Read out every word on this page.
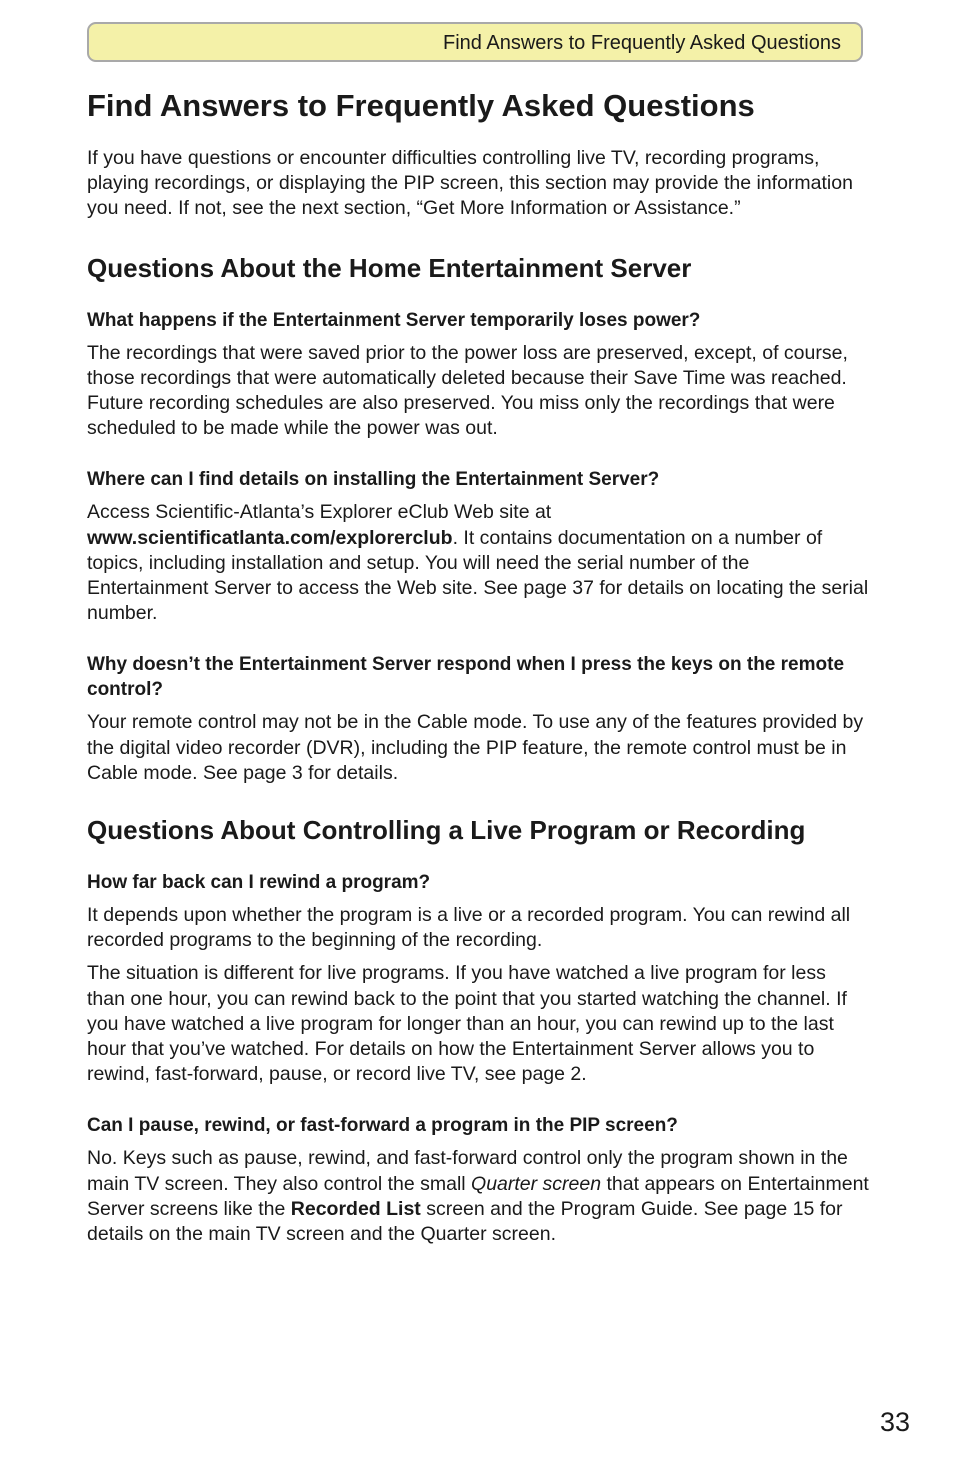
Find Answers to Frequently Asked Questions
Find Answers to Frequently Asked Questions

If you have questions or encounter difficulties controlling live TV, recording programs, playing recordings, or displaying the PIP screen, this section may provide the information you need. If not, see the next section, “Get More Information or Assistance.”

Questions About the Home Entertainment Server
What happens if the Entertainment Server temporarily loses power?

The recordings that were saved prior to the power loss are preserved, except, of course, those recordings that were automatically deleted because their Save Time was reached. Future recording schedules are also preserved. You miss only the recordings that were scheduled to be made while the power was out.

Where can I find details on installing the Entertainment Server?

Access Scientific-Atlanta’s Explorer eClub Web site at www.scientificatlanta.com/explorerclub. It contains documentation on a number of topics, including installation and setup. You will need the serial number of the Entertainment Server to access the Web site. See page 37 for details on locating the serial number.

Why doesn’t the Entertainment Server respond when I press the keys on the remote control?

Your remote control may not be in the Cable mode. To use any of the features provided by the digital video recorder (DVR), including the PIP feature, the remote control must be in Cable mode. See page 3 for details.

Questions About Controlling a Live Program or Recording
How far back can I rewind a program?

It depends upon whether the program is a live or a recorded program. You can rewind all recorded programs to the beginning of the recording.

The situation is different for live programs. If you have watched a live program for less than one hour, you can rewind back to the point that you started watching the channel. If you have watched a live program for longer than an hour, you can rewind up to the last hour that you’ve watched. For details on how the Entertainment Server allows you to rewind, fast-forward, pause, or record live TV, see page 2.

Can I pause, rewind, or fast-forward a program in the PIP screen?

No. Keys such as pause, rewind, and fast-forward control only the program shown in the main TV screen. They also control the small Quarter screen that appears on Entertainment Server screens like the Recorded List screen and the Program Guide. See page 15 for details on the main TV screen and the Quarter screen.

33
